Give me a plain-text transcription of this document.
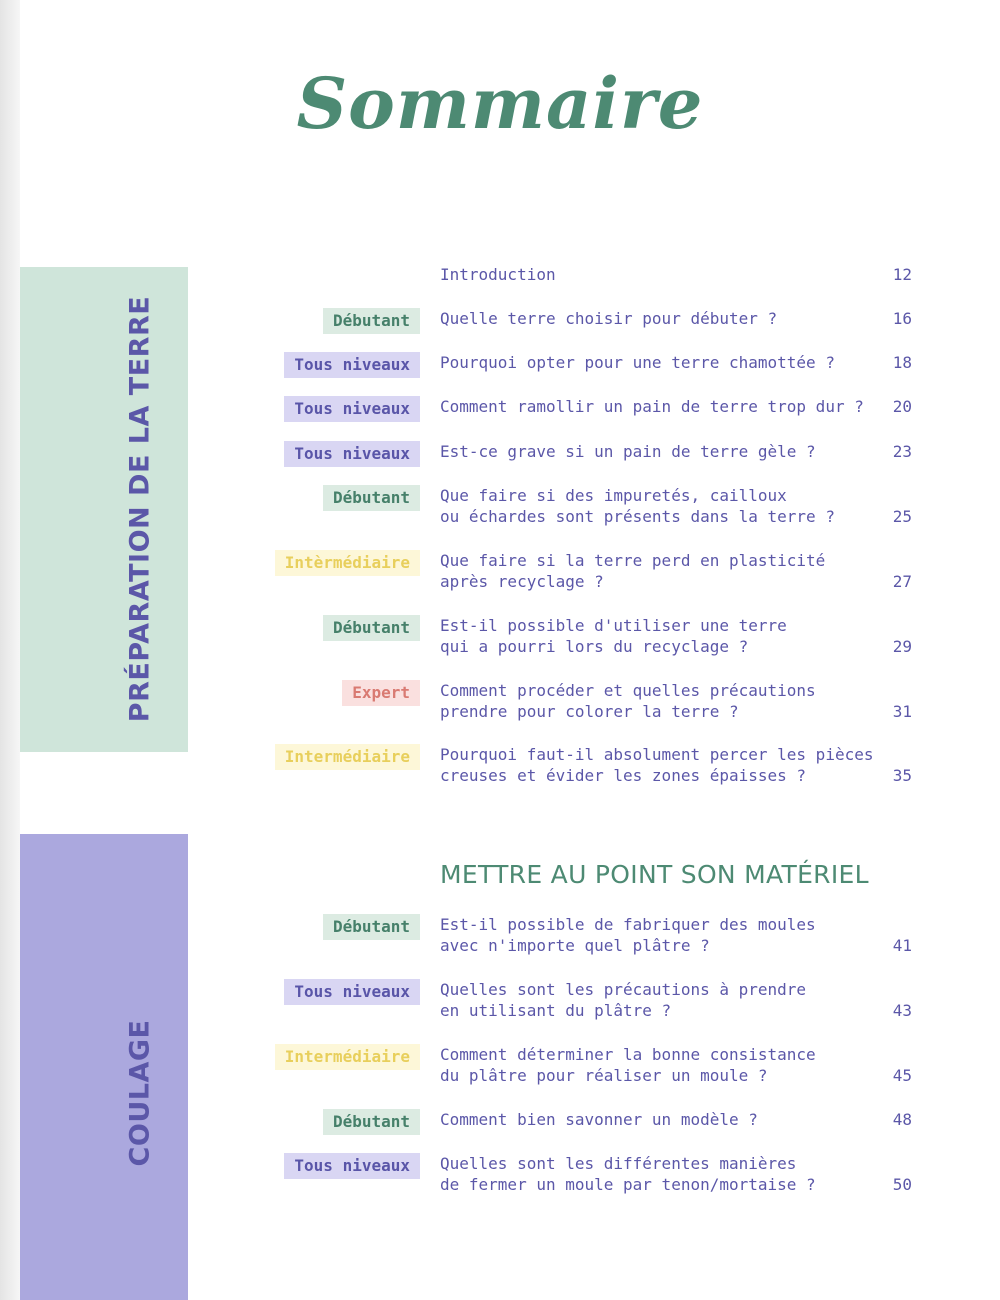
Sommaire
PRÉPARATION DE LA TERRE
COULAGE
METTRE AU POINT SON MATÉRIEL
Introduction	12
Débutant	Quelle terre choisir pour débuter ?	16
Tous niveaux	Pourquoi opter pour une terre chamottée ?	18
Tous niveaux	Comment ramollir un pain de terre trop dur ?	20
Tous niveaux	Est-ce grave si un pain de terre gèle ?	23
Débutant	Que faire si des impuretés, cailloux
ou échardes sont présents dans la terre ?	25
Intèrmédiaire	Que faire si la terre perd en plasticité
après recyclage ?	27
Débutant	Est-il possible d'utiliser une terre
qui a pourri lors du recyclage ?	29
Expert	Comment procéder et quelles précautions
prendre pour colorer la terre ?	31
Intermédiaire	Pourquoi faut-il absolument percer les pièces
creuses et évider les zones épaisses ?	35
Débutant	Est-il possible de fabriquer des moules
avec n'importe quel plâtre ?	41
Tous niveaux	Quelles sont les précautions à prendre
en utilisant du plâtre ?	43
Intermédiaire	Comment déterminer la bonne consistance
du plâtre pour réaliser un moule ?	45
Débutant	Comment bien savonner un modèle ?	48
Tous niveaux	Quelles sont les différentes manières
de fermer un moule par tenon/mortaise ?	50
